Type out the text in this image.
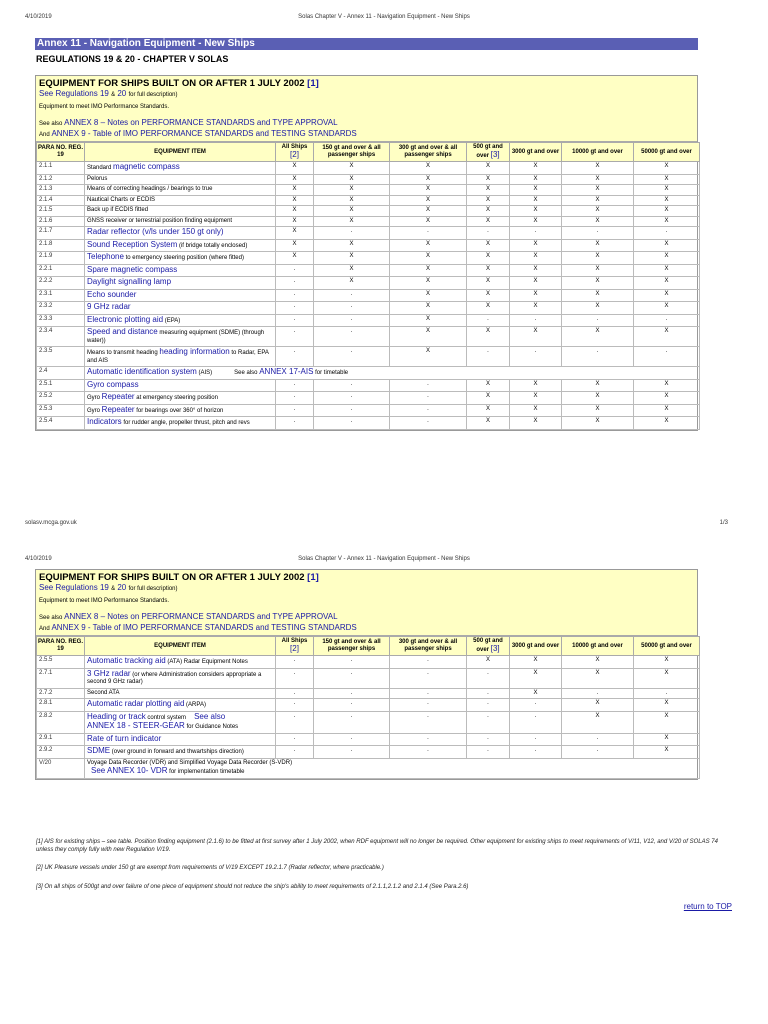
4/10/2019	Solas Chapter V - Annex 11 - Navigation Equipment - New Ships
Annex 11 - Navigation Equipment - New Ships
REGULATIONS 19 & 20 - CHAPTER V SOLAS
EQUIPMENT FOR SHIPS BUILT ON OR AFTER 1 JULY 2002 [1]
See Regulations 19 & 20 for full description)
Equipment to meet IMO Performance Standards.
See also ANNEX 8 – Notes on PERFORMANCE STANDARDS and TYPE APPROVAL
And ANNEX 9 - Table of IMO PERFORMANCE STANDARDS and TESTING STANDARDS
PARA NO. REG. 19	EQUIPMENT ITEM	All Ships [2]	150 gt and over & all passenger ships	300 gt and over & all passenger ships	500 gt and over [3]	3000 gt and over	10000 gt and over	50000 gt and over
2.1.1	Standard magnetic compass	X	X	X	X	X	X	X
2.1.2	Pelorus	X	X	X	X	X	X	X
2.1.3	Means of correcting headings / bearings to true	X	X	X	X	X	X	X
2.1.4	Nautical Charts or ECDIS	X	X	X	X	X	X	X
2.1.5	Back up if ECDIS fitted	X	X	X	X	X	X	X
2.1.6	GNSS receiver or terrestrial position finding equipment	X	X	X	X	X	X	X
2.1.7	Radar reflector (v/ls under 150 gt only)	X	.	.	.	.	.	.
2.1.8	Sound Reception System (if bridge totally enclosed)	X	X	X	X	X	X	X
2.1.9	Telephone to emergency steering position (where fitted)	X	X	X	X	X	X	X
2.2.1	Spare magnetic compass	.	X	X	X	X	X	X
2.2.2	Daylight signalling lamp	.	X	X	X	X	X	X
2.3.1	Echo sounder	.	.	X	X	X	X	X
2.3.2	9 GHz radar	.	.	X	X	X	X	X
2.3.3	Electronic plotting aid (EPA)	.	.	X	.	.	.	.
2.3.4	Speed and distance measuring equipment (SDME) (through water))	.	.	X	X	X	X	X
2.3.5	Means to transmit heading heading information to Radar, EPA and AIS	.	.	X	.	.	.	.
2.4	Automatic identification system (AIS) See also ANNEX 17-AIS for timetable							
2.5.1	Gyro compass	.	.	.	X	X	X	X
2.5.2	Gyro Repeater at emergency steering position	.	.	.	X	X	X	X
2.5.3	Gyro Repeater for bearings over 360° of horizon	.	.	.	X	X	X	X
2.5.4	Indicators for rudder angle, propeller thrust, pitch and revs	.	.	.	X	X	X	X
solasv.mcga.gov.uk	1/3
4/10/2019	Solas Chapter V - Annex 11 - Navigation Equipment - New Ships
EQUIPMENT FOR SHIPS BUILT ON OR AFTER 1 JULY 2002 [1]
See Regulations 19 & 20 for full description)
Equipment to meet IMO Performance Standards.
See also ANNEX 8 – Notes on PERFORMANCE STANDARDS and TYPE APPROVAL
And ANNEX 9 - Table of IMO PERFORMANCE STANDARDS and TESTING STANDARDS
PARA NO. REG. 19	EQUIPMENT ITEM	All Ships [2]	150 gt and over & all passenger ships	300 gt and over & all passenger ships	500 gt and over [3]	3000 gt and over	10000 gt and over	50000 gt and over
2.5.5	Automatic tracking aid (ATA) Radar Equipment Notes	.	.	.	X	X	X	X
2.7.1	3 GHz radar (or where Administration considers appropriate a second 9 GHz radar)	.	.	.	.	X	X	X
2.7.2	Second ATA	.	.	.	.	X	.	.
2.8.1	Automatic radar plotting aid (ARPA)	.	.	.	.	.	X	X
2.8.2	Heading or track control system See also
ANNEX 18 - STEER-GEAR for Guidance Notes	.	.	.	.	.	X	X
2.9.1	Rate of turn indicator	.	.	.	.	.	.	X
2.9.2	SDME (over ground in forward and thwartships direction)	.	.	.	.	.	.	X
V/20	Voyage Data Recorder (VDR) and Simplified Voyage Data Recorder (S-VDR)
See ANNEX 10- VDR for implementation timetable							
[1] AIS for existing ships – see table. Position finding equipment (2.1.6) to be fitted at first survey after 1 July 2002, when RDF equipment will no longer be required. Other equipment for existing ships to meet requirements of V/11, V12, and V/20 of SOLAS 74 unless they comply fully with new Regulation V/19.
[2] UK Pleasure vessels under 150 gt are exempt from requirements of V/19 EXCEPT 19.2.1.7 (Radar reflector, where practicable.)
[3] On all ships of 500gt and over failure of one piece of equipment should not reduce the ship's ability to meet requirements of 2.1.1,2.1.2 and 2.1.4 (See Para.2.6)
return to TOP
